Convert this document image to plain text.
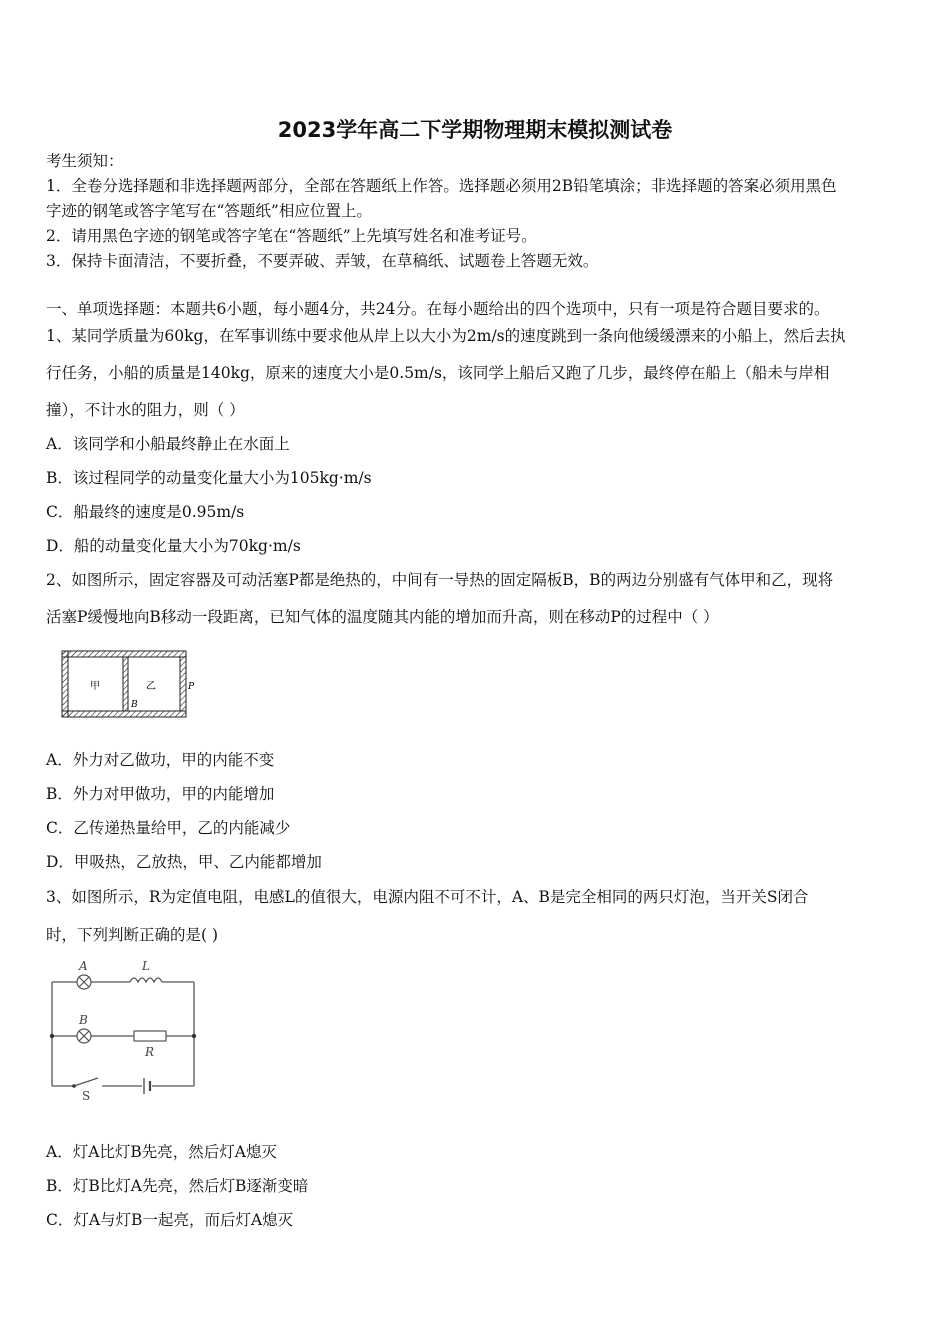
2023学年高二下学期物理期末模拟测试卷
考生须知：
1．全卷分选择题和非选择题两部分，全部在答题纸上作答。选择题必须用2B铅笔填涂；非选择题的答案必须用黑色
字迹的钢笔或答字笔写在“答题纸”相应位置上。
2．请用黑色字迹的钢笔或答字笔在“答题纸”上先填写姓名和准考证号。
3．保持卡面清洁，不要折叠，不要弄破、弄皱，在草稿纸、试题卷上答题无效。
一、单项选择题：本题共6小题，每小题4分，共24分。在每小题给出的四个选项中，只有一项是符合题目要求的。
1、某同学质量为60kg，在军事训练中要求他从岸上以大小为2m/s的速度跳到一条向他缓缓漂来的小船上，然后去执
行任务，小船的质量是140kg，原来的速度大小是0.5m/s，该同学上船后又跑了几步，最终停在船上（船未与岸相
撞），不计水的阻力，则（ ）
A．该同学和小船最终静止在水面上
B．该过程同学的动量变化量大小为105kg·m/s
C．船最终的速度是0.95m/s
D．船的动量变化量大小为70kg·m/s
2、如图所示，固定容器及可动活塞P都是绝热的，中间有一导热的固定隔板B，B的两边分别盛有气体甲和乙，现将
活塞P缓慢地向B移动一段距离，已知气体的温度随其内能的增加而升高，则在移动P的过程中（ ）
甲	乙
B
P
A．外力对乙做功，甲的内能不变
B．外力对甲做功，甲的内能增加
C．乙传递热量给甲，乙的内能减少
D．甲吸热，乙放热，甲、乙内能都增加
3、如图所示，R为定值电阻，电感L的值很大，电源内阻不可不计，A、B是完全相同的两只灯泡，当开关S闭合
时，下列判断正确的是( )
A	L
B
R
S
A．灯A比灯B先亮，然后灯A熄灭
B．灯B比灯A先亮，然后灯B逐渐变暗
C．灯A与灯B一起亮，而后灯A熄灭
